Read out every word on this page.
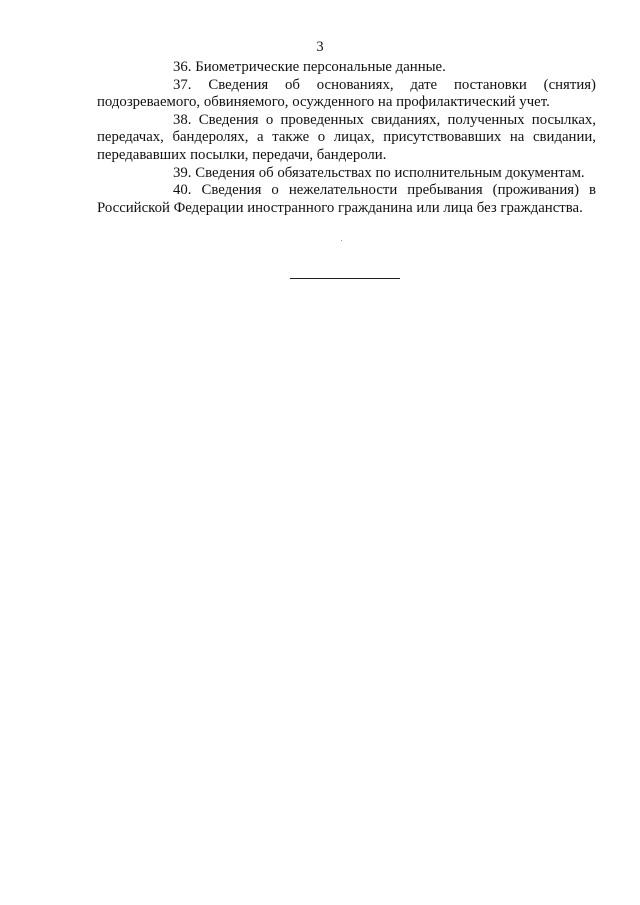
3

36. Биометрические персональные данные.

37. Сведения об основаниях, дате постановки (снятия) подозреваемого, обвиняемого, осужденного на профилактический учет.

38. Сведения о проведенных свиданиях, полученных посылках, передачах, бандеролях, а также о лицах, присутствовавших на свидании, передававших посылки, передачи, бандероли.

39. Сведения об обязательствах по исполнительным документам.

40. Сведения о нежелательности пребывания (проживания) в Российской Федерации иностранного гражданина или лица без гражданства.
